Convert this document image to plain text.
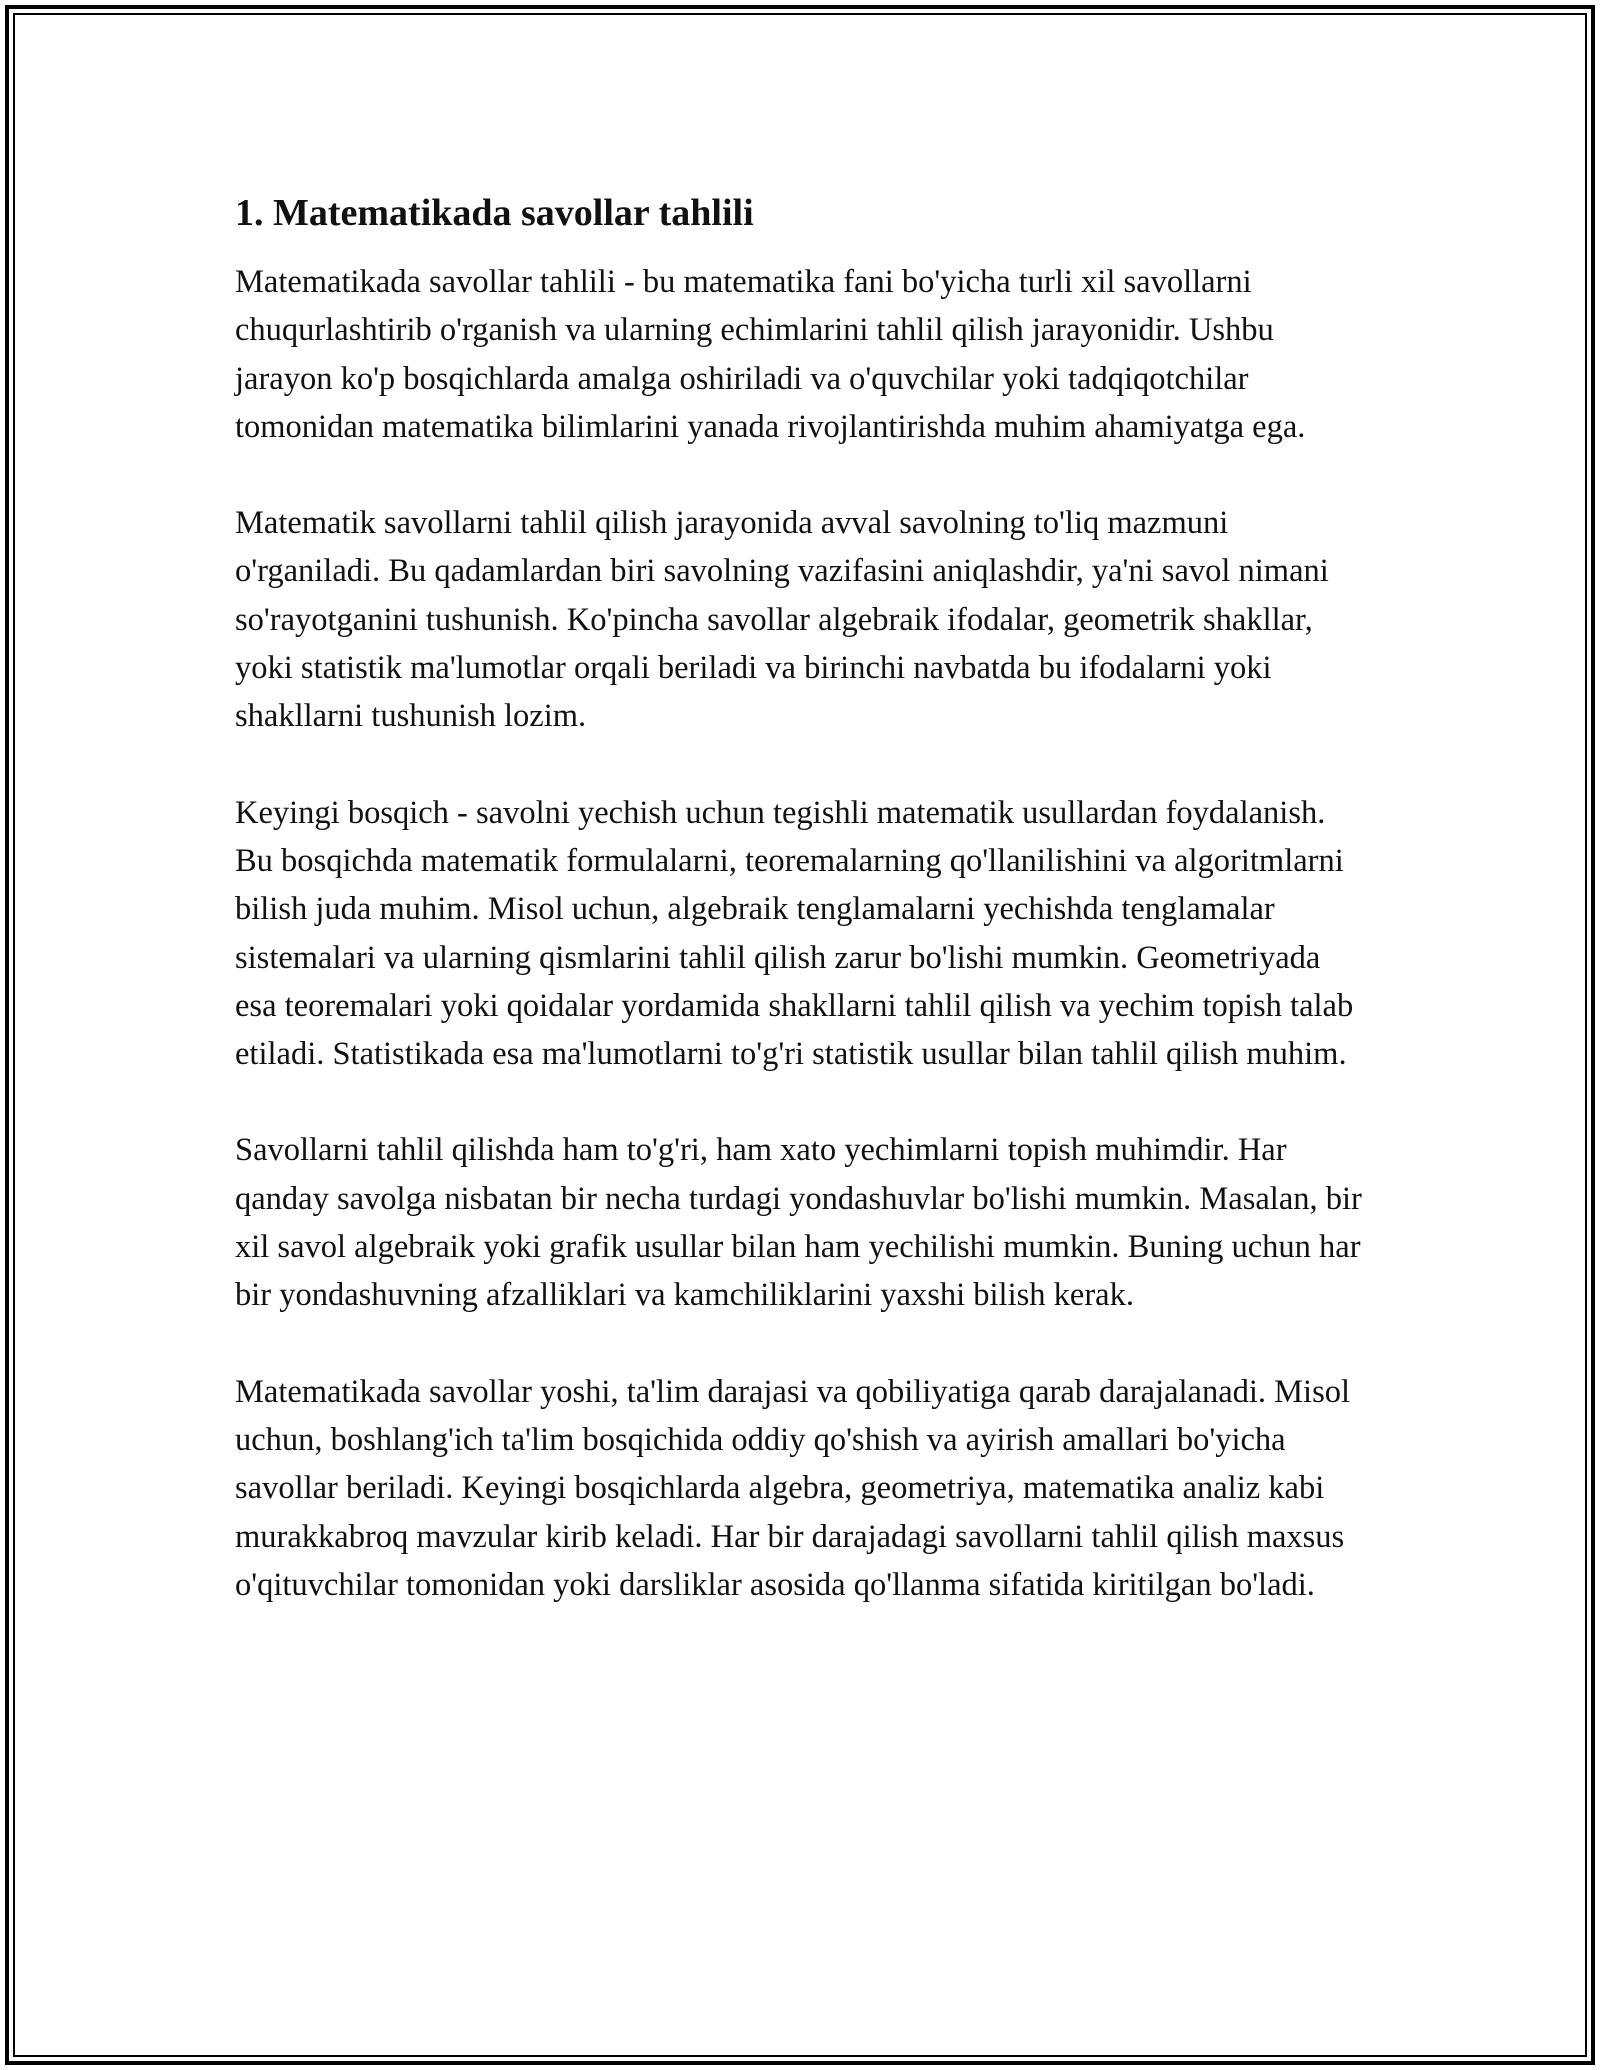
1. Matematikada savollar tahlili

Matematikada savollar tahlili - bu matematika fani bo'yicha turli xil savollarni chuqurlashtirib o'rganish va ularning echimlarini tahlil qilish jarayonidir. Ushbu jarayon ko'p bosqichlarda amalga oshiriladi va o'quvchilar yoki tadqiqotchilar tomonidan matematika bilimlarini yanada rivojlantirishda muhim ahamiyatga ega.

Matematik savollarni tahlil qilish jarayonida avval savolning to'liq mazmuni o'rganiladi. Bu qadamlardan biri savolning vazifasini aniqlashdir, ya'ni savol nimani so'rayotganini tushunish. Ko'pincha savollar algebraik ifodalar, geometrik shakllar, yoki statistik ma'lumotlar orqali beriladi va birinchi navbatda bu ifodalarni yoki shakllarni tushunish lozim.

Keyingi bosqich - savolni yechish uchun tegishli matematik usullardan foydalanish. Bu bosqichda matematik formulalarni, teoremalarning qo'llanilishini va algoritmlarni bilish juda muhim. Misol uchun, algebraik tenglamalarni yechishda tenglamalar sistemalari va ularning qismlarini tahlil qilish zarur bo'lishi mumkin. Geometriyada esa teoremalari yoki qoidalar yordamida shakllarni tahlil qilish va yechim topish talab etiladi. Statistikada esa ma'lumotlarni to'g'ri statistik usullar bilan tahlil qilish muhim.

Savollarni tahlil qilishda ham to'g'ri, ham xato yechimlarni topish muhimdir. Har qanday savolga nisbatan bir necha turdagi yondashuvlar bo'lishi mumkin. Masalan, bir xil savol algebraik yoki grafik usullar bilan ham yechilishi mumkin. Buning uchun har bir yondashuvning afzalliklari va kamchiliklarini yaxshi bilish kerak.

Matematikada savollar yoshi, ta'lim darajasi va qobiliyatiga qarab darajalanadi. Misol uchun, boshlang'ich ta'lim bosqichida oddiy qo'shish va ayirish amallari bo'yicha savollar beriladi. Keyingi bosqichlarda algebra, geometriya, matematika analiz kabi murakkabroq mavzular kirib keladi. Har bir darajadagi savollarni tahlil qilish maxsus o'qituvchilar tomonidan yoki darsliklar asosida qo'llanma sifatida kiritilgan bo'ladi.
